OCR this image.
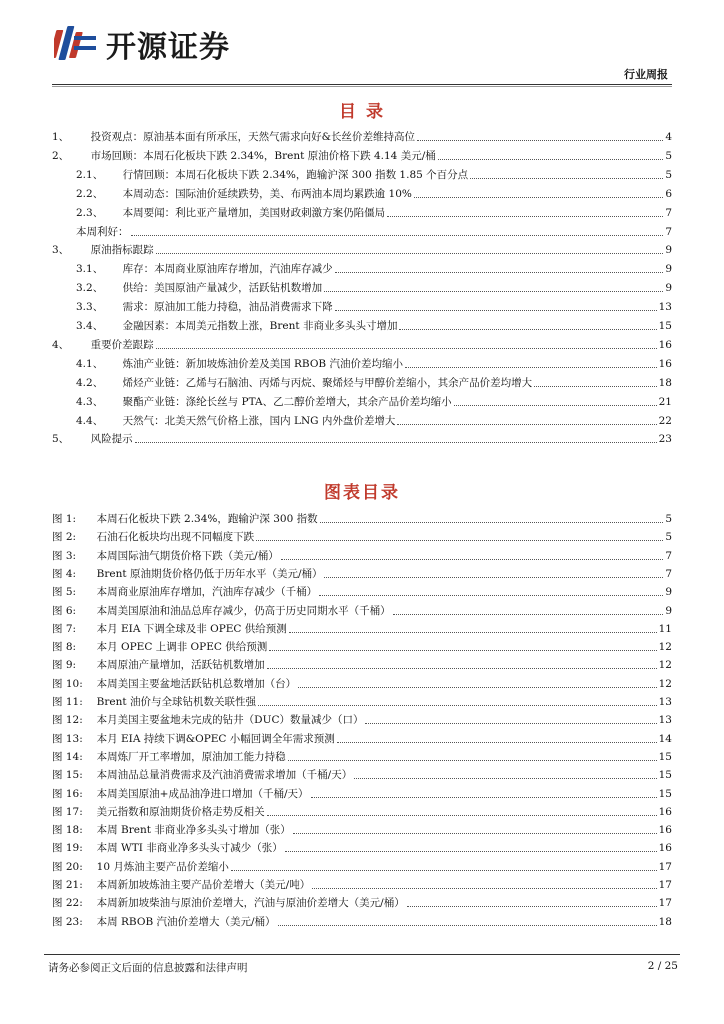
开源证券
行业周报
目 录
1、  投资观点：原油基本面有所承压，天然气需求向好&长丝价差维持高位	4
2、  市场回顾：本周石化板块下跌 2.34%，Brent 原油价格下跌 4.14 美元/桶	5
2.1、  行情回顾：本周石化板块下跌 2.34%，跑输沪深 300 指数 1.85 个百分点	5
2.2、  本周动态：国际油价延续跌势，美、布两油本周均累跌逾 10%	6
2.3、  本周要闻：利比亚产量增加，美国财政刺激方案仍陷僵局	7
本周利好：	7
3、  原油指标跟踪	9
3.1、  库存：本周商业原油库存增加，汽油库存减少	9
3.2、  供给：美国原油产量减少，活跃钻机数增加	9
3.3、  需求：原油加工能力持稳，油品消费需求下降	13
3.4、  金融因素：本周美元指数上涨，Brent 非商业多头头寸增加	15
4、  重要价差跟踪	16
4.1、  炼油产业链：新加坡炼油价差及美国 RBOB 汽油价差均缩小	16
4.2、  烯烃产业链：乙烯与石脑油、丙烯与丙烷、聚烯烃与甲醇价差缩小，其余产品价差均增大	18
4.3、  聚酯产业链：涤纶长丝与 PTA、乙二醇价差增大，其余产品价差均缩小	21
4.4、  天然气：北美天然气价格上涨，国内 LNG 内外盘价差增大	22
5、  风险提示	23
图表目录
图 1:  本周石化板块下跌 2.34%，跑输沪深 300 指数	5
图 2:  石油石化板块均出现不同幅度下跌	5
图 3:  本周国际油气期货价格下跌（美元/桶）	7
图 4:  Brent 原油期货价格仍低于历年水平（美元/桶）	7
图 5:  本周商业原油库存增加，汽油库存减少（千桶）	9
图 6:  本周美国原油和油品总库存减少，仍高于历史同期水平（千桶）	9
图 7:  本月 EIA 下调全球及非 OPEC 供给预测	11
图 8:  本月 OPEC 上调非 OPEC 供给预测	12
图 9:  本周原油产量增加，活跃钻机数增加	12
图 10:  本周美国主要盆地活跃钻机总数增加（台）	12
图 11:  Brent 油价与全球钻机数关联性强	13
图 12:  本月美国主要盆地未完成的钻井（DUC）数量减少（口）	13
图 13:  本月 EIA 持续下调&OPEC 小幅回调全年需求预测	14
图 14:  本周炼厂开工率增加，原油加工能力持稳	15
图 15:  本周油品总量消费需求及汽油消费需求增加（千桶/天）	15
图 16:  本周美国原油+成品油净进口增加（千桶/天）	15
图 17:  美元指数和原油期货价格走势反相关	16
图 18:  本周 Brent 非商业净多头头寸增加（张）	16
图 19:  本周 WTI 非商业净多头头寸减少（张）	16
图 20:  10 月炼油主要产品价差缩小	17
图 21:  本周新加坡炼油主要产品价差增大（美元/吨）	17
图 22:  本周新加坡柴油与原油价差增大，汽油与原油价差增大（美元/桶）	17
图 23:  本周 RBOB 汽油价差增大（美元/桶）	18
请务必参阅正文后面的信息披露和法律声明	2 / 25
